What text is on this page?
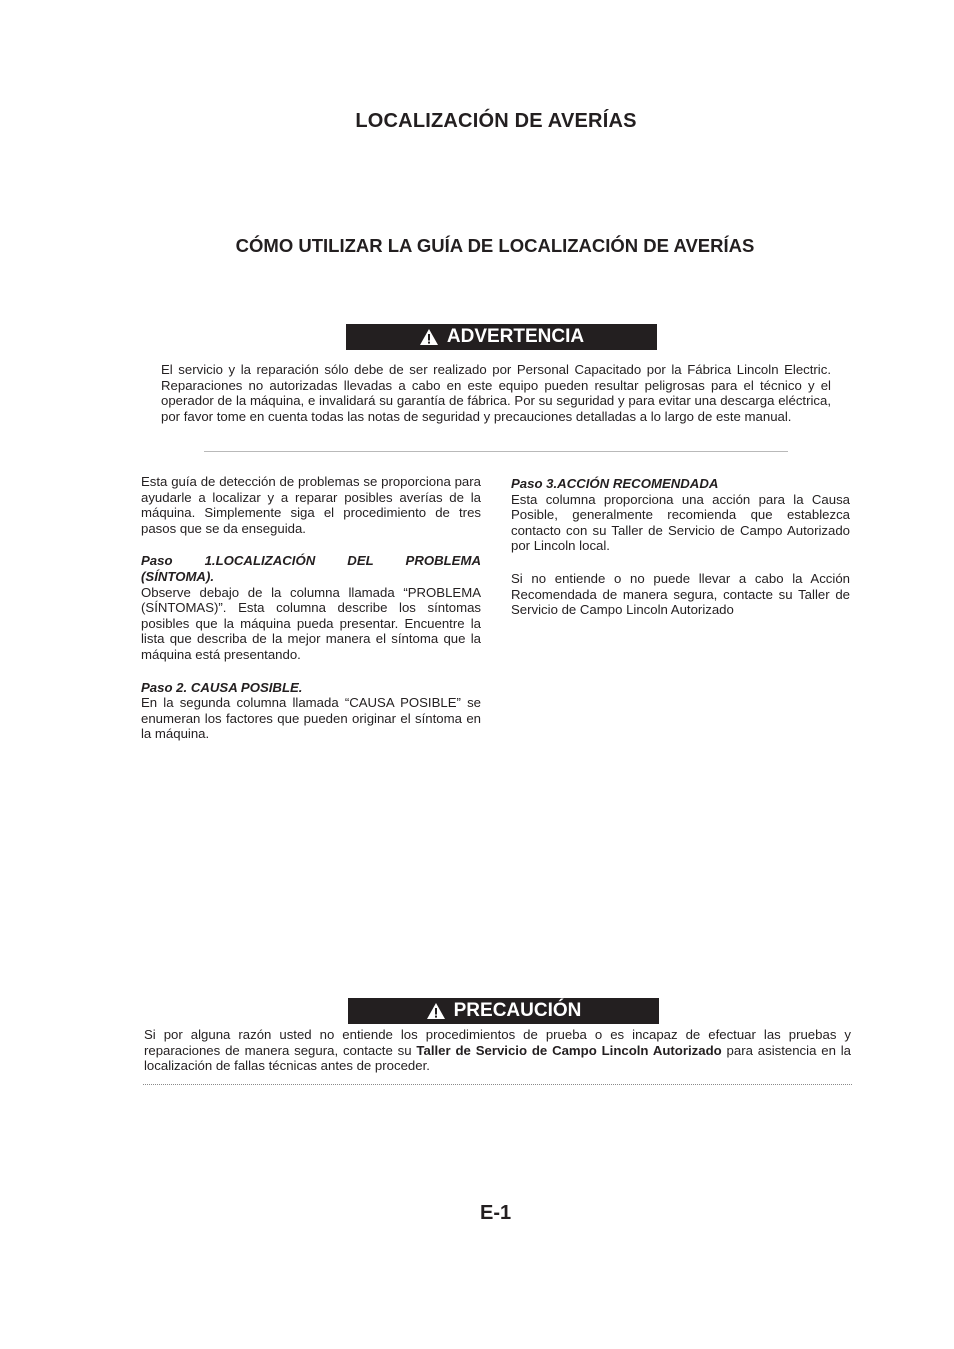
LOCALIZACIÓN DE AVERÍAS
CÓMO UTILIZAR LA GUÍA DE LOCALIZACIÓN DE AVERÍAS
ADVERTENCIA
El servicio y la reparación sólo debe de ser realizado por Personal Capacitado por la Fábrica Lincoln Electric. Reparaciones no autorizadas llevadas a cabo en este equipo pueden resultar peligrosas para el técnico y el operador de la máquina, e invalidará su garantía de fábrica. Por su seguridad y para evitar una descarga eléctrica, por favor tome en cuenta todas las notas de seguridad y precauciones detalladas a lo largo de este manual.
Esta guía de detección de problemas se proporciona para ayudarle a localizar y a reparar posibles averías de la máquina. Simplemente siga el procedimiento de tres pasos que se da enseguida.
Paso 1.LOCALIZACIÓN DEL PROBLEMA
(SÍNTOMA).
Observe debajo de la columna llamada “PROBLEMA (SÍNTOMAS)”. Esta columna describe los síntomas posibles que la máquina pueda presentar. Encuentre la lista que describa de la mejor manera el síntoma que la máquina está presentando.
Paso 2. CAUSA POSIBLE.
En la segunda columna llamada “CAUSA POSIBLE” se enumeran los factores que pueden originar el síntoma en la máquina.
Paso 3.ACCIÓN RECOMENDADA
Esta columna proporciona una acción para la Causa Posible, generalmente recomienda que establezca contacto con su Taller de Servicio de Campo Autorizado por Lincoln local.
Si no entiende o no puede llevar a cabo la Acción Recomendada de manera segura, contacte su Taller de Servicio de Campo Lincoln Autorizado
PRECAUCIÓN
Si por alguna razón usted no entiende los procedimientos de prueba o es incapaz de efectuar las pruebas y reparaciones de manera segura, contacte su Taller de Servicio de Campo Lincoln Autorizado para asistencia en la localización de fallas técnicas antes de proceder.
E-1
